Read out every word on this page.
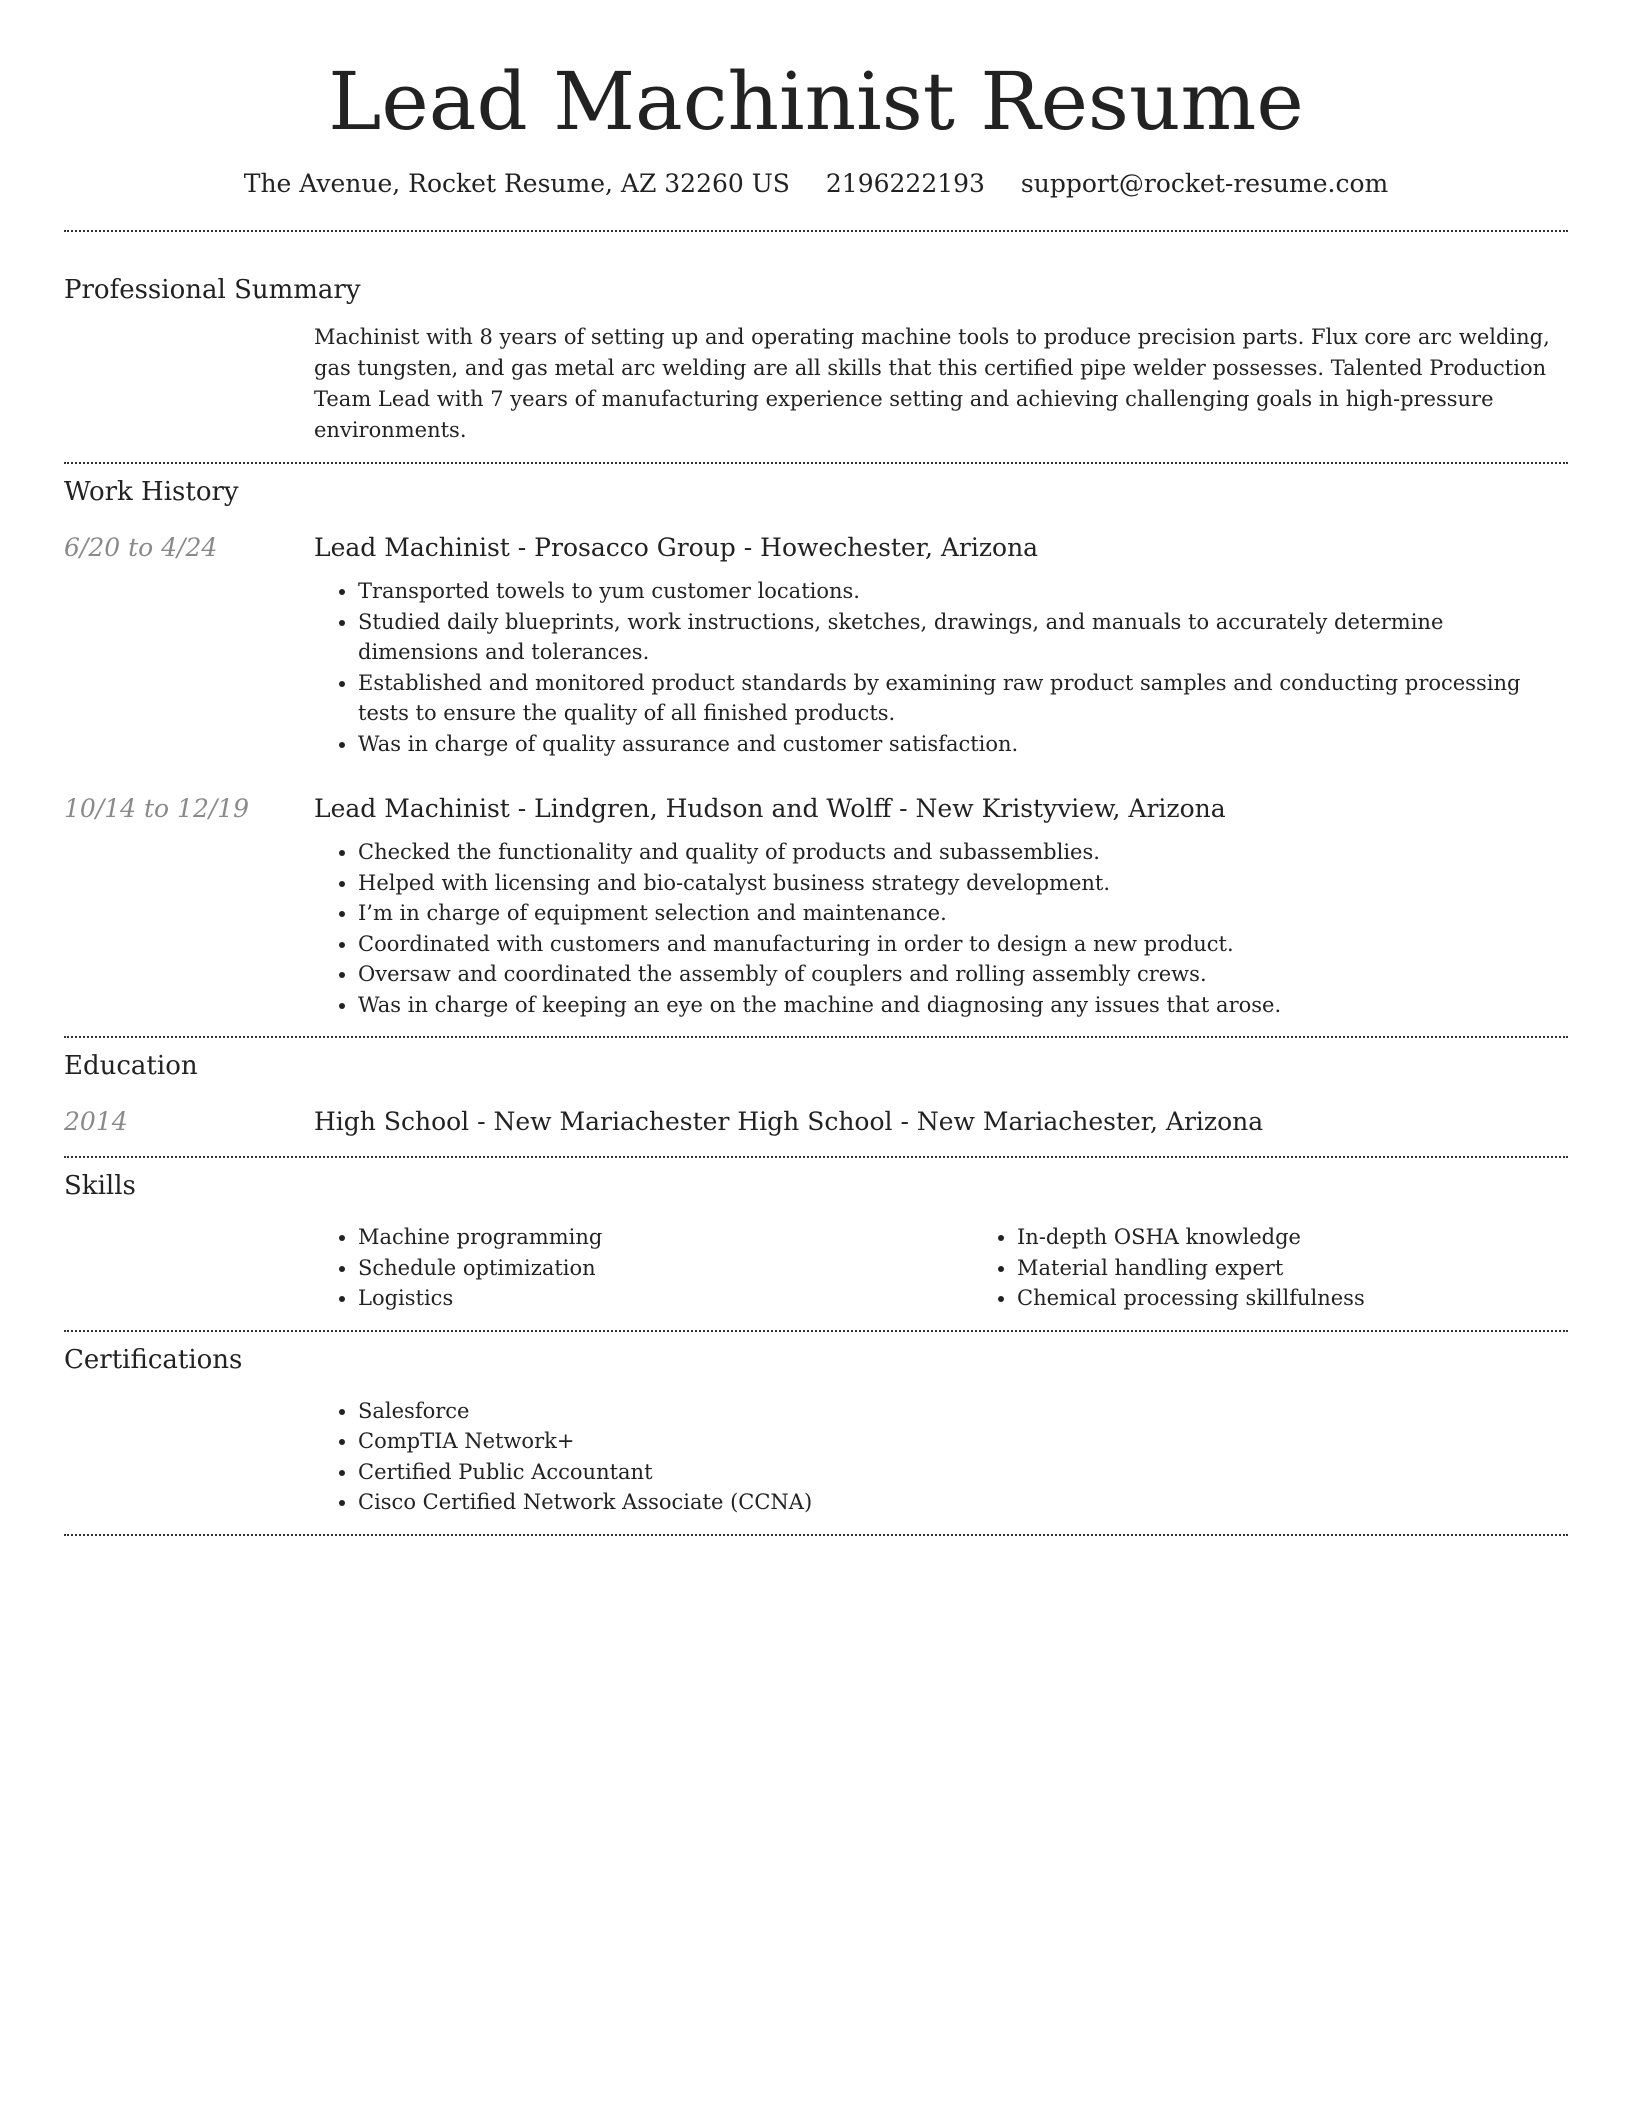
Lead Machinist Resume
The Avenue, Rocket Resume, AZ 32260 US 2196222193 support@rocket-resume.com
Professional Summary
Machinist with 8 years of setting up and operating machine tools to produce precision parts. Flux core arc welding, gas tungsten, and gas metal arc welding are all skills that this certified pipe welder possesses. Talented Production Team Lead with 7 years of manufacturing experience setting and achieving challenging goals in high-pressure environments.
Work History
6/20 to 4/24	Lead Machinist - Prosacco Group - Howechester, Arizona
• Transported towels to yum customer locations.
• Studied daily blueprints, work instructions, sketches, drawings, and manuals to accurately determine dimensions and tolerances.
• Established and monitored product standards by examining raw product samples and conducting processing tests to ensure the quality of all finished products.
• Was in charge of quality assurance and customer satisfaction.
10/14 to 12/19	Lead Machinist - Lindgren, Hudson and Wolff - New Kristyview, Arizona
• Checked the functionality and quality of products and subassemblies.
• Helped with licensing and bio-catalyst business strategy development.
• I’m in charge of equipment selection and maintenance.
• Coordinated with customers and manufacturing in order to design a new product.
• Oversaw and coordinated the assembly of couplers and rolling assembly crews.
• Was in charge of keeping an eye on the machine and diagnosing any issues that arose.
Education
2014	High School - New Mariachester High School - New Mariachester, Arizona
Skills
• Machine programming
• Schedule optimization
• Logistics
• In-depth OSHA knowledge
• Material handling expert
• Chemical processing skillfulness
Certifications
• Salesforce
• CompTIA Network+
• Certified Public Accountant
• Cisco Certified Network Associate (CCNA)
